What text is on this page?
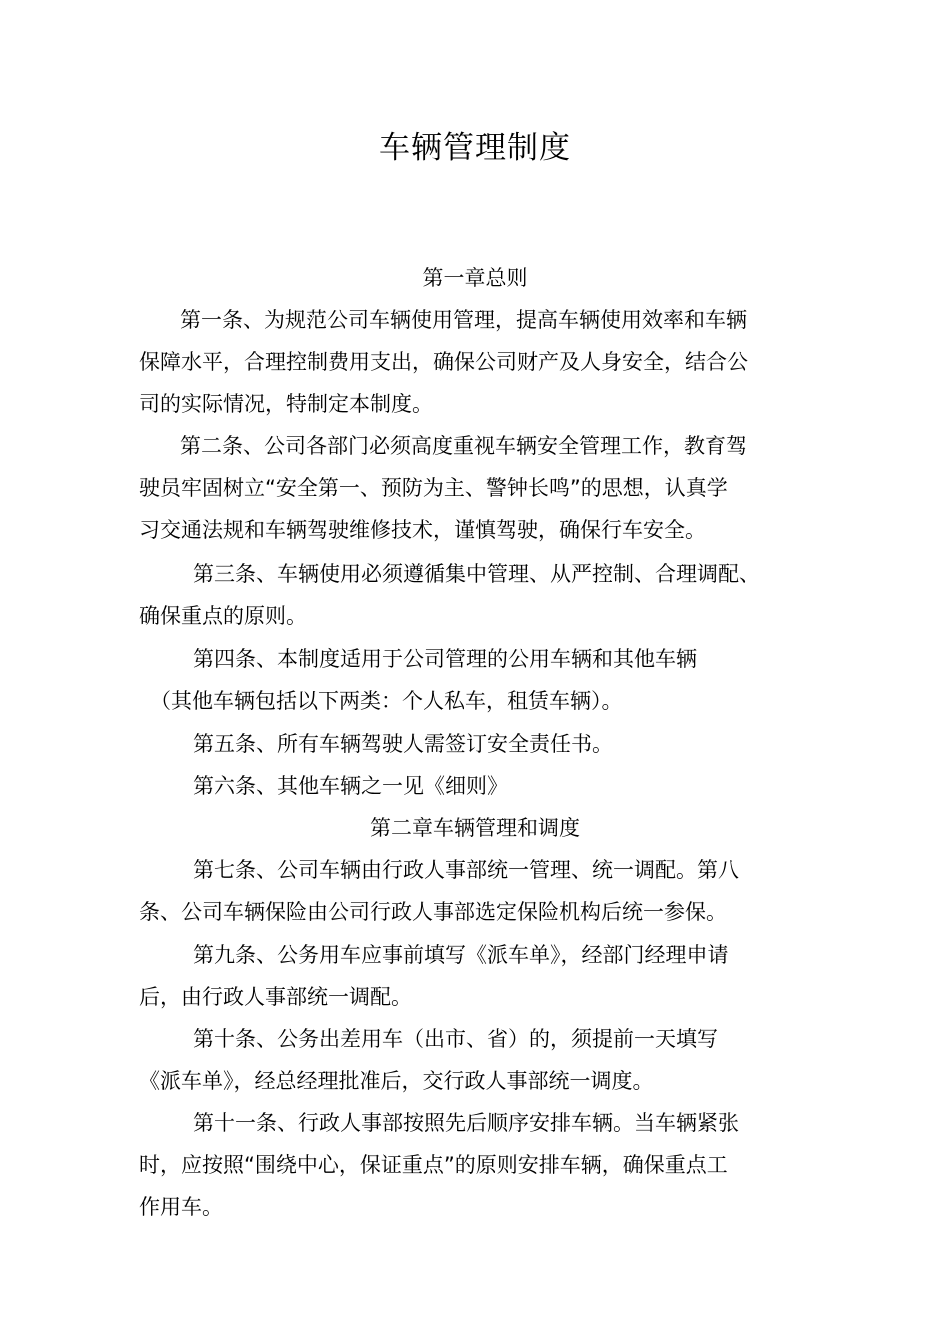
车辆管理制度
第一章总则
第一条、为规范公司车辆使用管理，提高车辆使用效率和车辆
保障水平，合理控制费用支出，确保公司财产及人身安全，结合公
司的实际情况，特制定本制度。
第二条、公司各部门必须高度重视车辆安全管理工作，教育驾
驶员牢固树立“安全第一、预防为主、警钟长鸣”的思想，认真学
习交通法规和车辆驾驶维修技术，谨慎驾驶，确保行车安全。
第三条、车辆使用必须遵循集中管理、从严控制、合理调配、
确保重点的原则。
第四条、本制度适用于公司管理的公用车辆和其他车辆
（其他车辆包括以下两类：个人私车，租赁车辆）。
第五条、所有车辆驾驶人需签订安全责任书。
第六条、其他车辆之一见《细则》
第二章车辆管理和调度
第七条、公司车辆由行政人事部统一管理、统一调配。第八
条、公司车辆保险由公司行政人事部选定保险机构后统一参保。
第九条、公务用车应事前填写《派车单》，经部门经理申请
后，由行政人事部统一调配。
第十条、公务出差用车（出市、省）的，须提前一天填写
《派车单》，经总经理批准后，交行政人事部统一调度。
第十一条、行政人事部按照先后顺序安排车辆。当车辆紧张
时，应按照“围绕中心，保证重点”的原则安排车辆，确保重点工
作用车。
